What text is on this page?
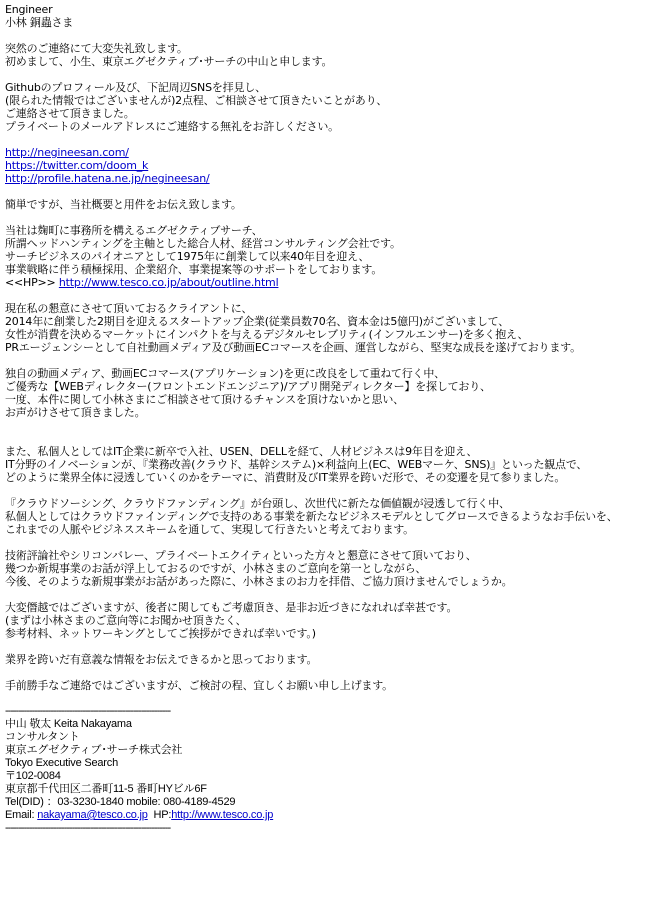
Engineer
小林 銅蟲さま
突然のご連絡にて大変失礼致します。
初めまして、小生、東京エグゼクティブ･サーチの中山と申します。
Githubのプロフィール及び、下記周辺SNSを拝見し、
(限られた情報ではございませんが)2点程、ご相談させて頂きたいことがあり、
ご連絡させて頂きました。
プライベートのメールアドレスにご連絡する無礼をお許しください。
http://negineesan.com/
https://twitter.com/doom_k
http://profile.hatena.ne.jp/negineesan/
簡単ですが、当社概要と用件をお伝え致します。
当社は麹町に事務所を構えるエグゼクティブサーチ、
所謂ヘッドハンティングを主軸とした総合人材、経営コンサルティング会社です。
サーチビジネスのパイオニアとして1975年に創業して以来40年目を迎え、
事業戦略に伴う積極採用、企業紹介、事業提案等のサポートをしております。
<<HP>> http://www.tesco.co.jp/about/outline.html
現在私の懇意にさせて頂いておるクライアントに、
2014年に創業した2期目を迎えるスタートアップ企業(従業員数70名、資本金は5億円)がございまして、
女性が消費を決めるマーケットにインパクトを与えるデジタルセレブリティ(インフルエンサー)を多く抱え、
PRエージェンシーとして自社動画メディア及び動画ECコマースを企画、運営しながら、堅実な成長を遂げております。
独自の動画メディア、動画ECコマース(アプリケーション)を更に改良をして重ねて行く中、
ご優秀な【WEBディレクター(フロントエンドエンジニア)/アプリ開発ディレクター】を探しており、
一度、本件に関して小林さまにご相談させて頂けるチャンスを頂けないかと思い、
お声がけさせて頂きました。
また、私個人としてはIT企業に新卒で入社、USEN、DELLを経て、人材ビジネスは9年目を迎え、
IT分野のイノベーションが、『業務改善(クラウド、基幹システム)×利益向上(EC、WEBマーケ、SNS)』といった観点で、
どのように業界全体に浸透していくのかをテーマに、消費財及びIT業界を跨いだ形で、その変遷を見て参りました。
『クラウドソーシング、クラウドファンディング』が台頭し、次世代に新たな価値観が浸透して行く中、
私個人としてはクラウドファインディングで支持のある事業を新たなビジネスモデルとしてグロースできるようなお手伝いを、
これまでの人脈やビジネススキームを通して、実現して行きたいと考えております。
技術評論社やシリコンバレー、プライベートエクイティといった方々と懇意にさせて頂いており、
幾つか新規事業のお話が浮上しておるのですが、小林さまのご意向を第一としながら、
今後、そのような新規事業がお話があった際に、小林さまのお力を拝借、ご協力頂けませんでしょうか。
大変僭越ではございますが、後者に関してもご考慮頂き、是非お近づきになれれば幸甚です。
(まずは小林さまのご意向等にお聞かせ頂きたく、
参考材料、ネットワーキングとしてご挨拶ができれば幸いです。)
業界を跨いだ有意義な情報をお伝えできるかと思っております。
手前勝手なご連絡ではございますが、ご検討の程、宜しくお願い申し上げます。
--------------------------------------------------------------
中山 敬太 Keita Nakayama
コンサルタント
東京エグゼクティブ･サーチ株式会社
Tokyo Executive Search
〒102-0084
東京都千代田区二番町11-5 番町HYビル6F
Tel(DID) ：03-3230-1840 mobile: 080-4189-4529
Email: nakayama@tesco.co.jp  HP:http://www.tesco.co.jp
--------------------------------------------------------------
